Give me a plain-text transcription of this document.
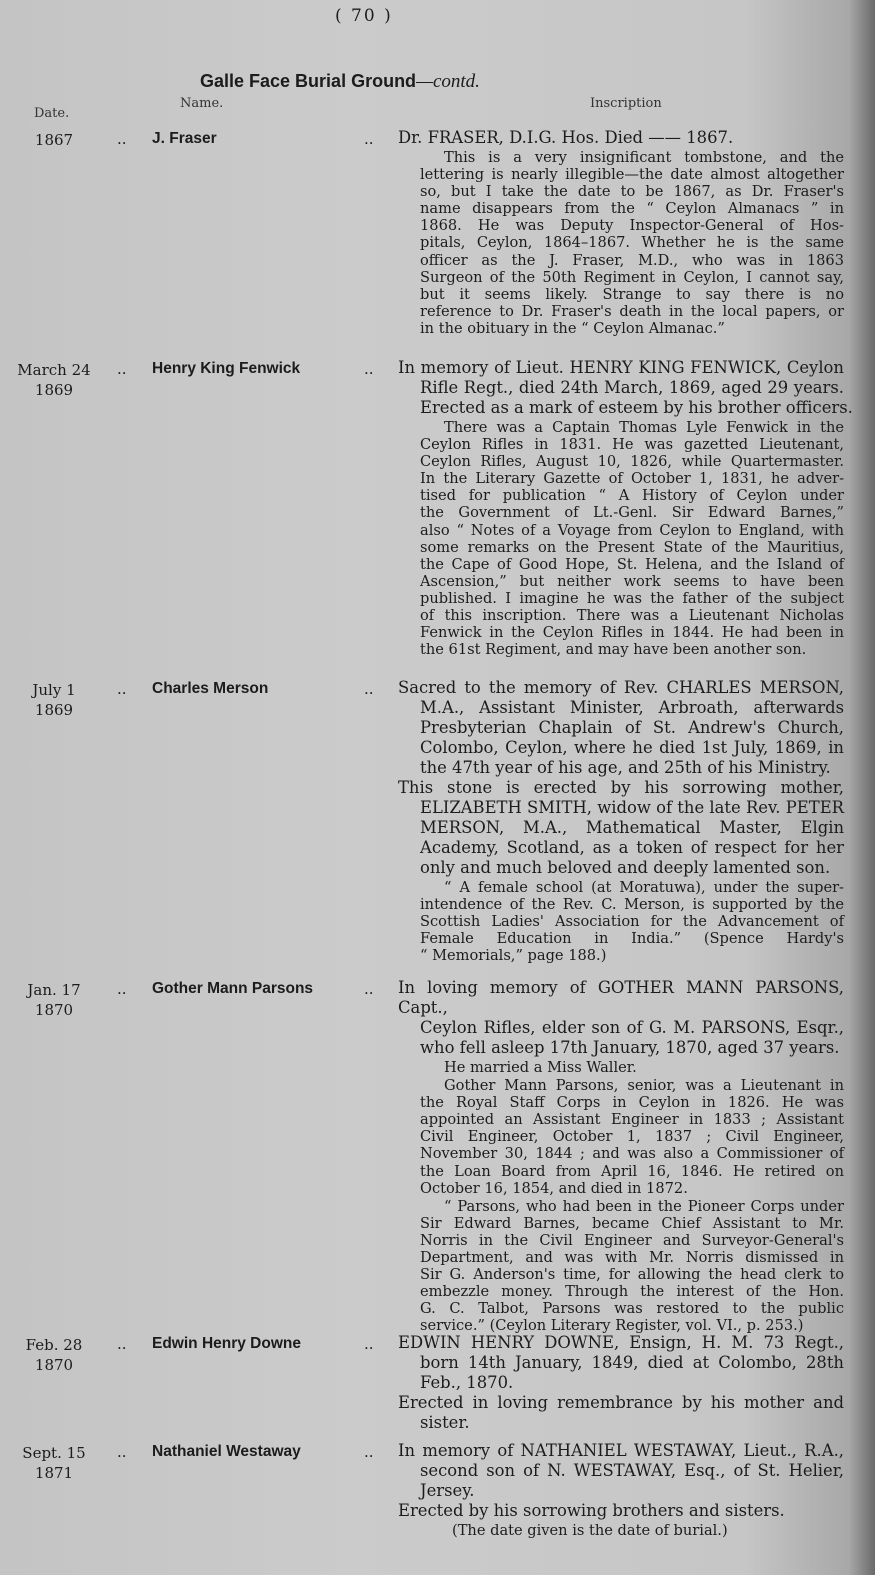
( 70 )
Galle Face Burial Ground—contd.
Date.
Name.	Inscription
1867	.. J. Fraser	.. Dr. FRASER, D.I.G. Hos. Died —— 1867.
This is a very insignificant tombstone, and the
lettering is nearly illegible—the date almost altogether
so, but I take the date to be 1867, as Dr. Fraser's
name disappears from the “ Ceylon Almanacs ” in
1868. He was Deputy Inspector-General of Hos-
pitals, Ceylon, 1864–1867. Whether he is the same
officer as the J. Fraser, M.D., who was in 1863
Surgeon of the 50th Regiment in Ceylon, I cannot say,
but it seems likely. Strange to say there is no
reference to Dr. Fraser's death in the local papers, or
in the obituary in the “ Ceylon Almanac.”
March 24
1869
.. Henry King Fenwick	.. In memory of Lieut. HENRY KING FENWICK, Ceylon
Rifle Regt., died 24th March, 1869, aged 29 years.
Erected as a mark of esteem by his brother officers.
There was a Captain Thomas Lyle Fenwick in the
Ceylon Rifles in 1831. He was gazetted Lieutenant,
Ceylon Rifles, August 10, 1826, while Quartermaster.
In the Literary Gazette of October 1, 1831, he adver-
tised for publication “ A History of Ceylon under
the Government of Lt.-Genl. Sir Edward Barnes,”
also “ Notes of a Voyage from Ceylon to England, with
some remarks on the Present State of the Mauritius,
the Cape of Good Hope, St. Helena, and the Island of
Ascension,” but neither work seems to have been
published. I imagine he was the father of the subject
of this inscription. There was a Lieutenant Nicholas
Fenwick in the Ceylon Rifles in 1844. He had been in
the 61st Regiment, and may have been another son.
July 1
1869
.. Charles Merson	.. Sacred to the memory of Rev. CHARLES MERSON,
M.A., Assistant Minister, Arbroath, afterwards
Presbyterian Chaplain of St. Andrew's Church,
Colombo, Ceylon, where he died 1st July, 1869, in
the 47th year of his age, and 25th of his Ministry.
This stone is erected by his sorrowing mother,
ELIZABETH SMITH, widow of the late Rev. PETER
MERSON, M.A., Mathematical Master, Elgin
Academy, Scotland, as a token of respect for her
only and much beloved and deeply lamented son.
“ A female school (at Moratuwa), under the super-
intendence of the Rev. C. Merson, is supported by the
Scottish Ladies' Association for the Advancement of
Female Education in India.” (Spence Hardy's
“ Memorials,” page 188.)
Jan. 17
1870
.. Gother Mann Parsons	.. In loving memory of GOTHER MANN PARSONS, Capt.,
Ceylon Rifles, elder son of G. M. PARSONS, Esqr.,
who fell asleep 17th January, 1870, aged 37 years.
He married a Miss Waller.
Gother Mann Parsons, senior, was a Lieutenant in
the Royal Staff Corps in Ceylon in 1826. He was
appointed an Assistant Engineer in 1833 ; Assistant
Civil Engineer, October 1, 1837 ; Civil Engineer,
November 30, 1844 ; and was also a Commissioner of
the Loan Board from April 16, 1846. He retired on
October 16, 1854, and died in 1872.
“ Parsons, who had been in the Pioneer Corps under
Sir Edward Barnes, became Chief Assistant to Mr.
Norris in the Civil Engineer and Surveyor-General's
Department, and was with Mr. Norris dismissed in
Sir G. Anderson's time, for allowing the head clerk to
embezzle money. Through the interest of the Hon.
G. C. Talbot, Parsons was restored to the public
service.” (Ceylon Literary Register, vol. VI., p. 253.)
Feb. 28
1870
.. Edwin Henry Downe	.. EDWIN HENRY DOWNE, Ensign, H. M. 73 Regt.,
born 14th January, 1849, died at Colombo, 28th
Feb., 1870.
Erected in loving remembrance by his mother and
sister.
Sept. 15
1871
.. Nathaniel Westaway	.. In memory of NATHANIEL WESTAWAY, Lieut., R.A.,
second son of N. WESTAWAY, Esq., of St. Helier,
Jersey.
Erected by his sorrowing brothers and sisters.
(The date given is the date of burial.)
